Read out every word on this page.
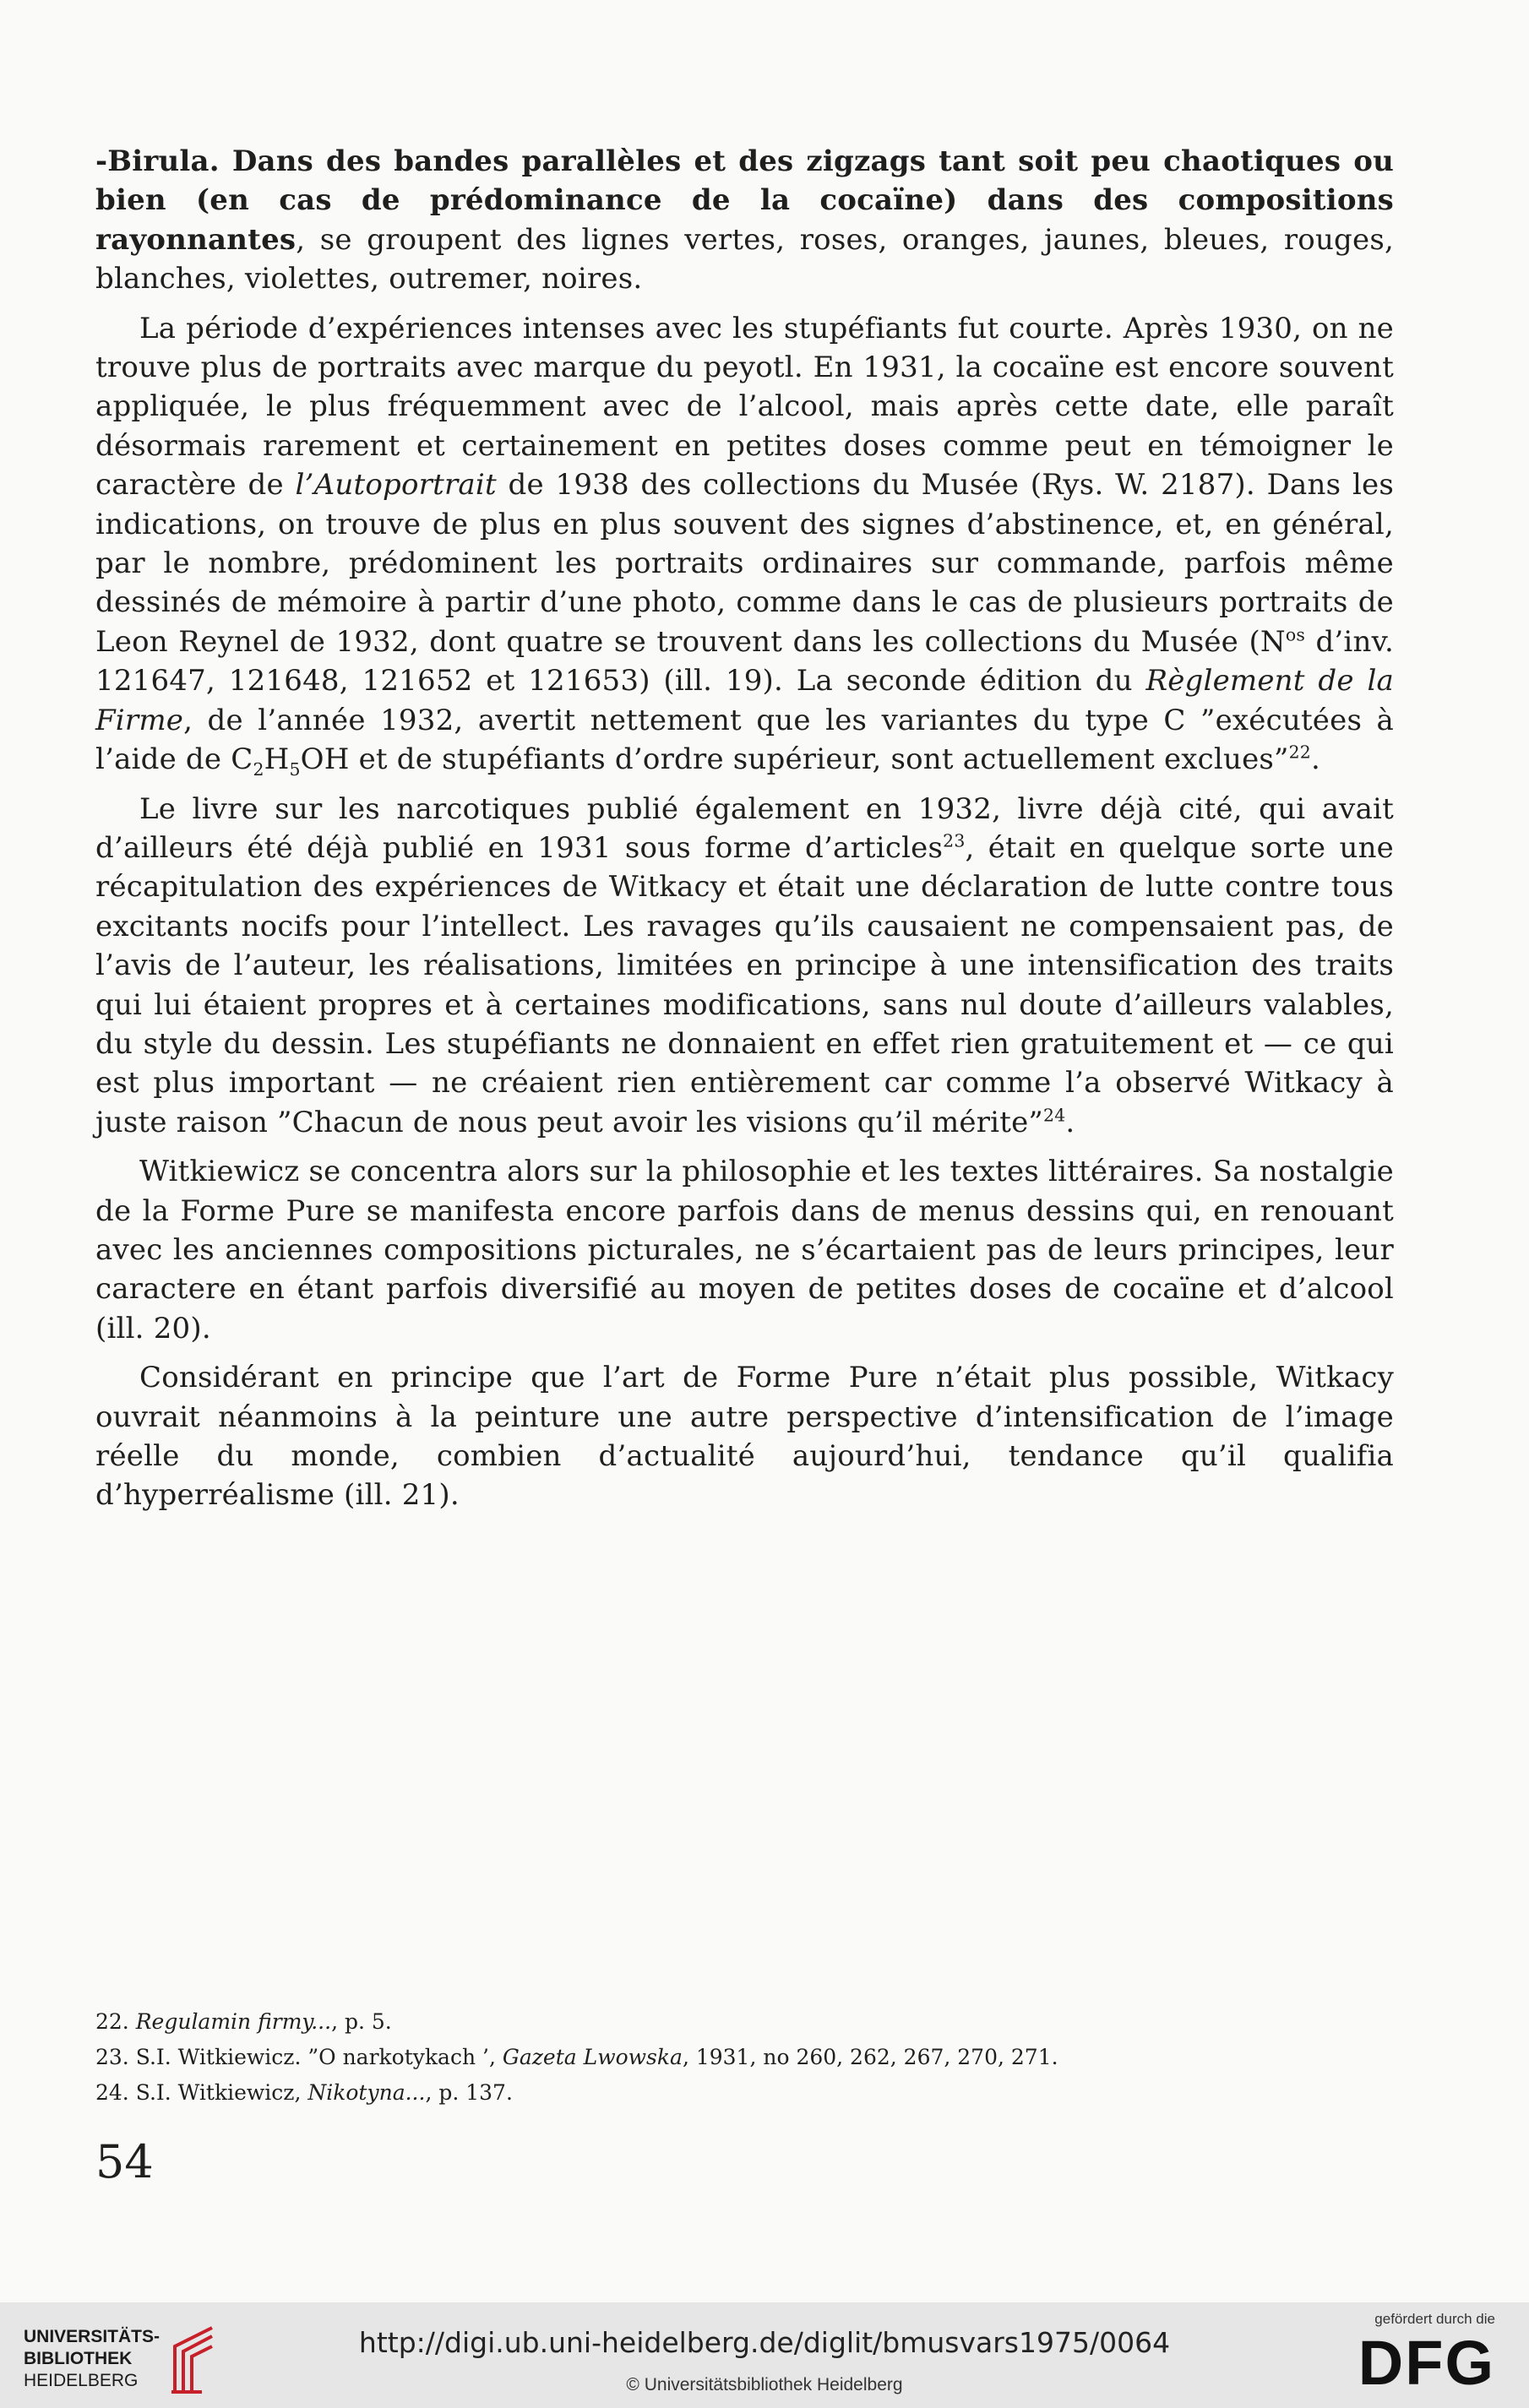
-Birula. Dans des bandes parallèles et des zigzags tant soit peu chaotiques ou bien (en cas de prédominance de la cocaïne) dans des compositions rayonnantes, se groupent des lignes vertes, roses, oranges, jaunes, bleues, rouges, blanches, violettes, outremer, noires.

La période d’expériences intenses avec les stupéfiants fut courte. Après 1930, on ne trouve plus de portraits avec marque du peyotl. En 1931, la cocaïne est encore souvent appliquée, le plus fréquemment avec de l’alcool, mais après cette date, elle paraît désormais rarement et certainement en petites doses comme peut en témoigner le caractère de l’Autoportrait de 1938 des collections du Musée (Rys. W. 2187). Dans les indications, on trouve de plus en plus souvent des signes d’abstinence, et, en général, par le nombre, prédominent les portraits ordinaires sur commande, parfois même dessinés de mémoire à partir d’une photo, comme dans le cas de plusieurs portraits de Leon Reynel de 1932, dont quatre se trouvent dans les collections du Musée ($N^{os}$ d’inv. 121647, 121648, 121652 et 121653) (ill. 19). La seconde édition du Règlement de la Firme, de l’année 1932, avertit nettement que les variantes du type C ”exécutées à l’aide de $C_2H_5OH$ et de stupéfiants d’ordre supérieur, sont actuellement exclues”$^{22}$.

Le livre sur les narcotiques publié également en 1932, livre déjà cité, qui avait d’ailleurs été déjà publié en 1931 sous forme d’articles$^{23}$, était en quelque sorte une récapitulation des expériences de Witkacy et était une déclaration de lutte contre tous excitants nocifs pour l’intellect. Les ravages qu’ils causaient ne compensaient pas, de l’avis de l’auteur, les réalisations, limitées en principe à une intensification des traits qui lui étaient propres et à certaines modifications, sans nul doute d’ailleurs valables, du style du dessin. Les stupéfiants ne donnaient en effet rien gratuitement et — ce qui est plus important — ne créaient rien entièrement car comme l’a observé Witkacy à juste raison ”Chacun de nous peut avoir les visions qu’il mérite”$^{24}$.

Witkiewicz se concentra alors sur la philosophie et les textes littéraires. Sa nostalgie de la Forme Pure se manifesta encore parfois dans de menus dessins qui, en renouant avec les anciennes compositions picturales, ne s’écartaient pas de leurs principes, leur caractere en étant parfois diversifié au moyen de petites doses de cocaïne et d’alcool (ill. 20).

Considérant en principe que l’art de Forme Pure n’était plus possible, Witkacy ouvrait néanmoins à la peinture une autre perspective d’intensification de l’image réelle du monde, combien d’actualité aujourd’hui, tendance qu’il qualifia d’hyperréalisme (ill. 21).

22. Regulamin firmy..., p. 5.
23. S.I. Witkiewicz. ”O narkotykach ’, Gazeta Lwowska, 1931, no 260, 262, 267, 270, 271.
24. S.I. Witkiewicz, Nikotyna..., p. 137.
54
UNIVERSITÄTS-
BIBLIOTHEK
HEIDELBERG
http://digi.ub.uni-heidelberg.de/diglit/bmusvars1975/0064
© Universitätsbibliothek Heidelberg
gefördert durch die
DFG
